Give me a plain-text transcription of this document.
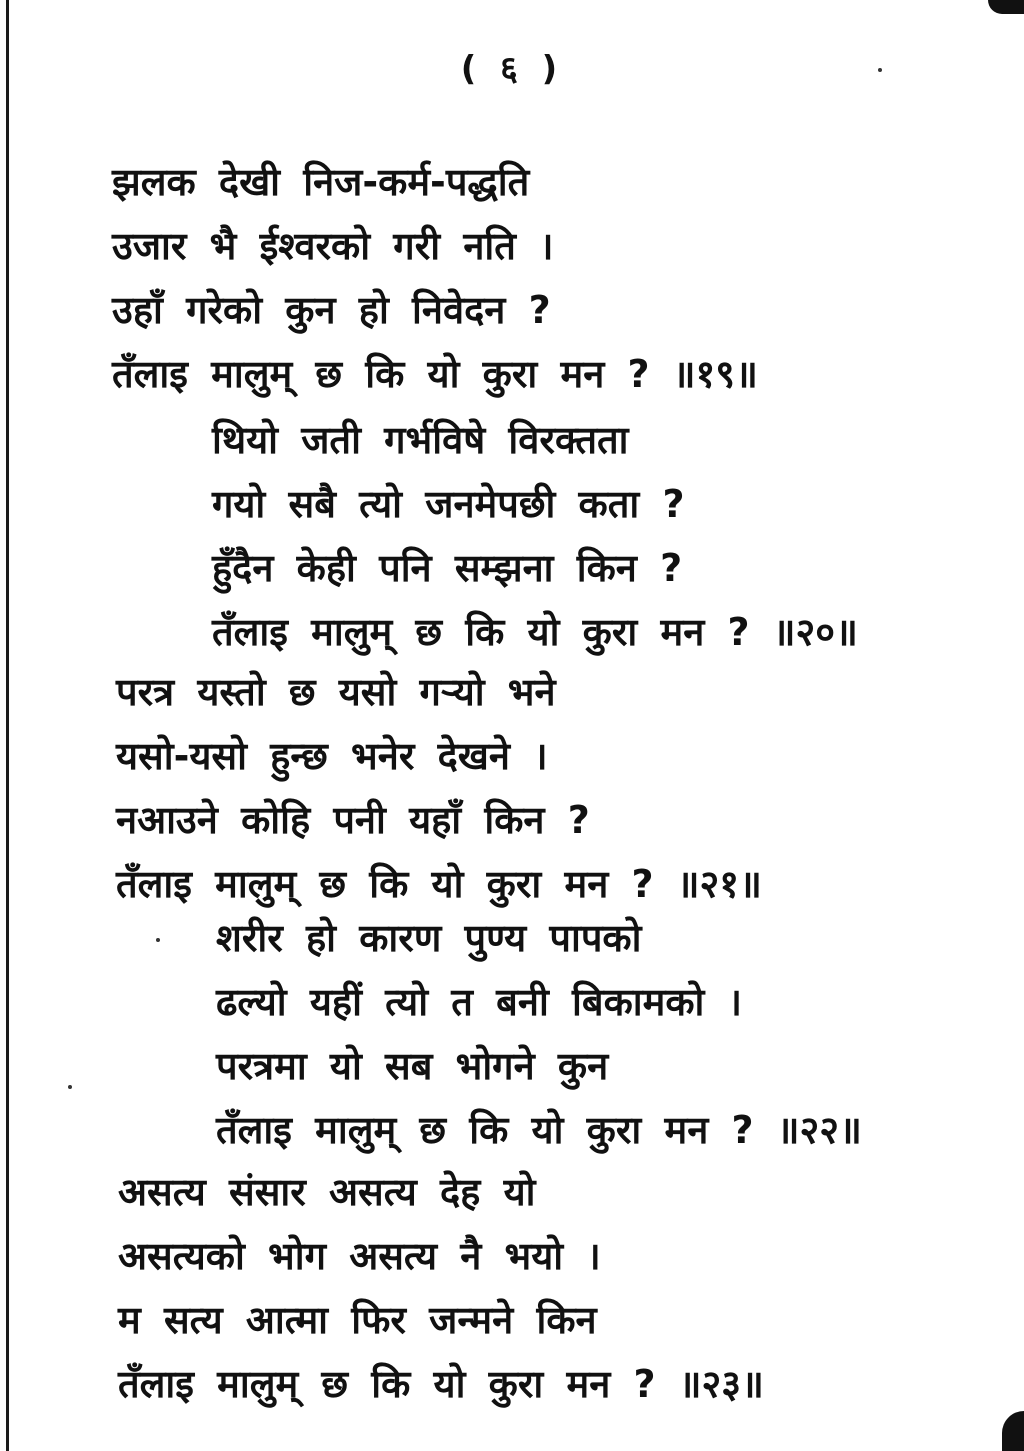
( ६ )
झलक देखी निज-कर्म-पद्धति
उजार भै ईश्वरको गरी नति ।
उहाँ गरेको कुन हो निवेदन ?
तँलाइ मालुम् छ कि यो कुरा मन ? ॥१९॥
थियो जती गर्भविषे विरक्तता
गयो सबै त्यो जनमेपछी कता ?
हुँदैन केही पनि सम्झना किन ?
तँलाइ मालुम् छ कि यो कुरा मन ? ॥२०॥
परत्र यस्तो छ यसो गऱ्यो भने
यसो-यसो हुन्छ भनेर देखने ।
नआउने कोहि पनी यहाँ किन ?
तँलाइ मालुम् छ कि यो कुरा मन ? ॥२१॥
शरीर हो कारण पुण्य पापको
ढल्यो यहीं त्यो त बनी बिकामको ।
परत्रमा यो सब भोगने कुन
तँलाइ मालुम् छ कि यो कुरा मन ? ॥२२॥
असत्य संसार असत्य देह यो
असत्यको भोग असत्य नै भयो ।
म सत्य आत्मा फिर जन्मने किन
तँलाइ मालुम् छ कि यो कुरा मन ? ॥२३॥
